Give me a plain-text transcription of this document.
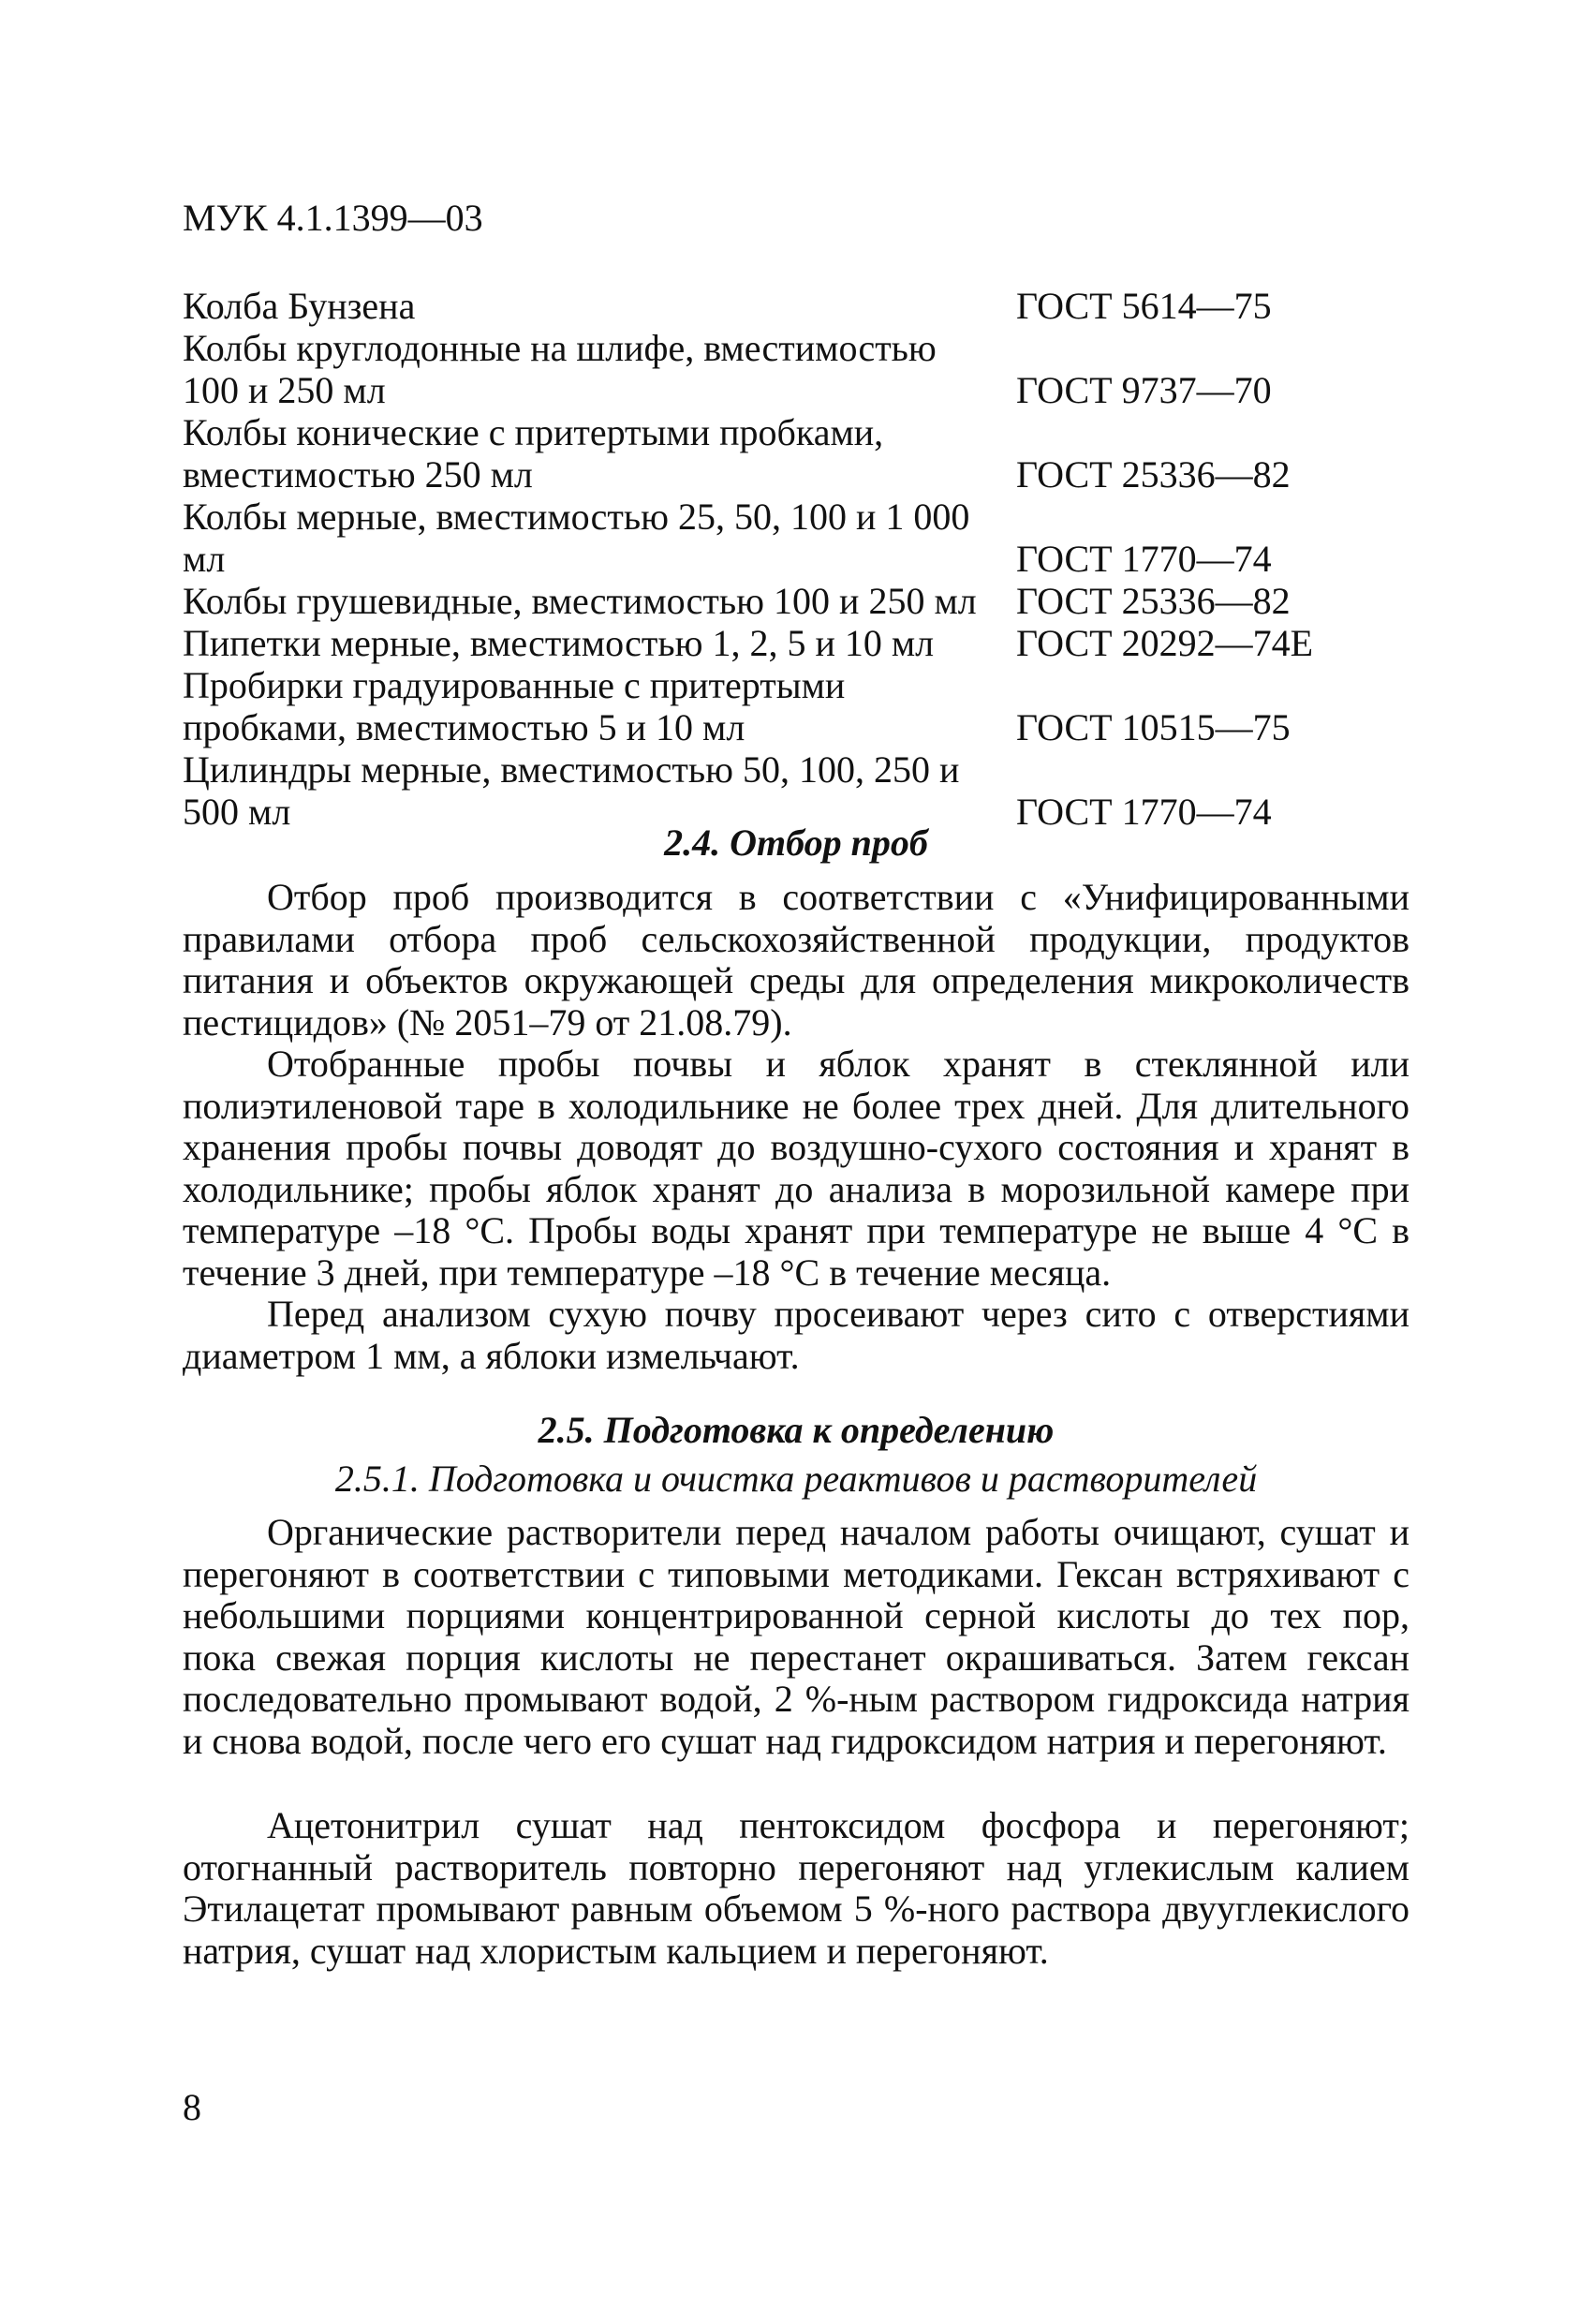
МУК 4.1.1399—03
Колба Бунзена	ГОСТ 5614—75
Колбы круглодонные на шлифе, вместимостью
100 и 250 мл	ГОСТ 9737—70
Колбы конические с притертыми пробками,
вместимостью 250 мл	ГОСТ 25336—82
Колбы мерные, вместимостью 25, 50, 100 и 1 000 мл	ГОСТ 1770—74
Колбы грушевидные, вместимостью 100 и 250 мл	ГОСТ 25336—82
Пипетки мерные, вместимостью 1, 2, 5 и 10 мл	ГОСТ 20292—74Е
Пробирки градуированные с притертыми
пробками, вместимостью 5 и 10 мл	ГОСТ 10515—75
Цилиндры мерные, вместимостью 50, 100, 250 и
500 мл	ГОСТ 1770—74
2.4. Отбор проб

Отбор проб производится в соответствии с «Унифицированными правилами отбора проб сельскохозяйственной продукции, продуктов питания и объектов окружающей среды для определения микроколичеств пестицидов» (№ 2051–79 от 21.08.79).

Отобранные пробы почвы и яблок хранят в стеклянной или полиэтиленовой таре в холодильнике не более трех дней. Для длительного хранения пробы почвы доводят до воздушно-сухого состояния и хранят в холодильнике; пробы яблок хранят до анализа в морозильной камере при температуре –18 °С. Пробы воды хранят при температуре не выше 4 °С в течение 3 дней, при температуре –18 °С в течение месяца.

Перед анализом сухую почву просеивают через сито с отверстиями диаметром 1 мм, а яблоки измельчают.

2.5. Подготовка к определению
2.5.1. Подготовка и очистка реактивов и растворителей

Органические растворители перед началом работы очищают, сушат и перегоняют в соответствии с типовыми методиками. Гексан встряхивают с небольшими порциями концентрированной серной кислоты до тех пор, пока свежая порция кислоты не перестанет окрашиваться. Затем гексан последовательно промывают водой, 2 %-ным раствором гидроксида натрия и снова водой, после чего его сушат над гидроксидом натрия и перегоняют.

Ацетонитрил сушат над пентоксидом фосфора и перегоняют; отогнанный растворитель повторно перегоняют над углекислым калием Этилацетат промывают равным объемом 5 %-ного раствора двууглекислого натрия, сушат над хлористым кальцием и перегоняют.

8
